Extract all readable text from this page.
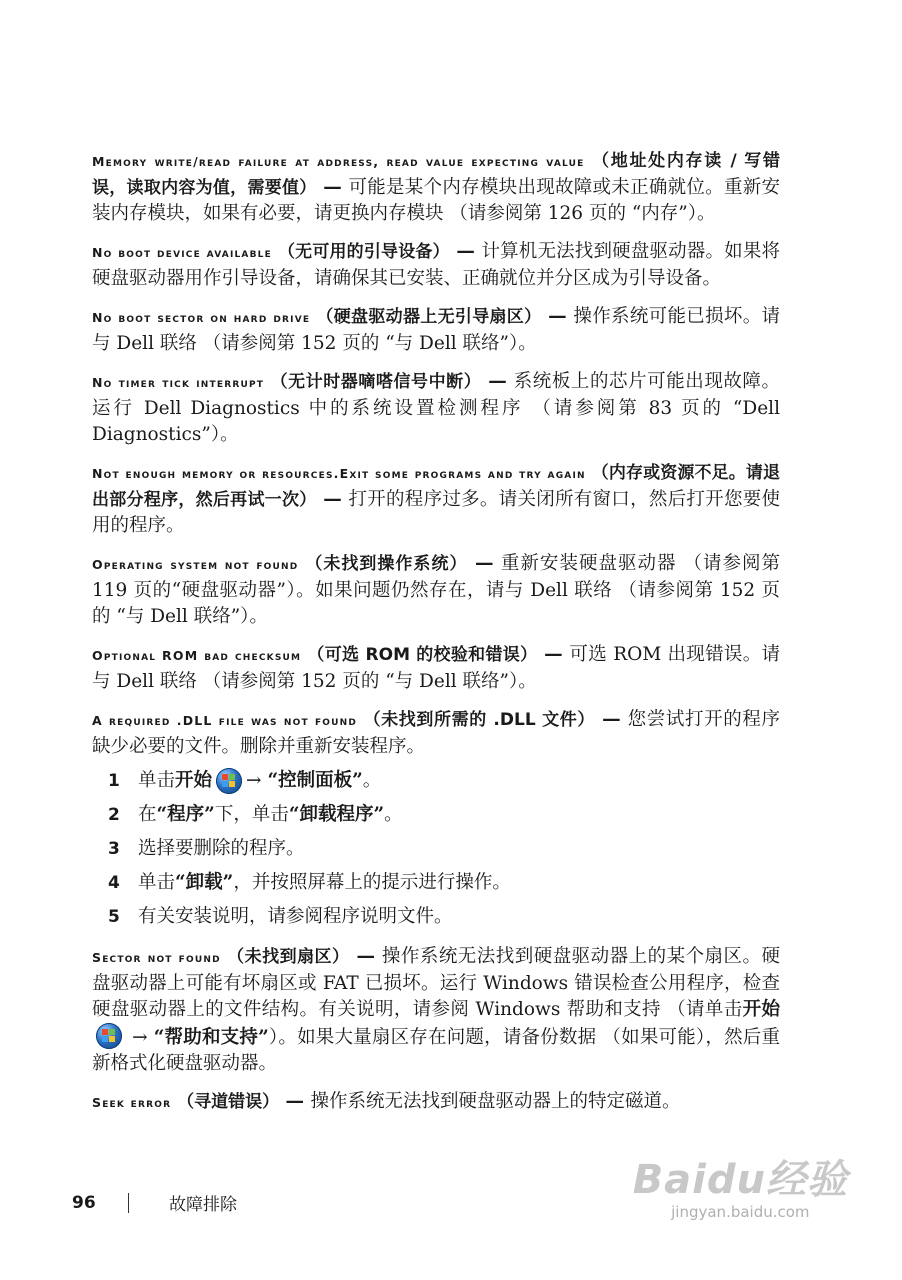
Memory write/read failure at address, read value expecting value （地址处内存读 / 写错误，读取内容为值，需要值） — 可能是某个内存模块出现故障或未正确就位。重新安装内存模块，如果有必要，请更换内存模块 （请参阅第 126 页的 “内存”）。

No boot device available （无可用的引导设备） — 计算机无法找到硬盘驱动器。如果将硬盘驱动器用作引导设备，请确保其已安装、正确就位并分区成为引导设备。

No boot sector on hard drive （硬盘驱动器上无引导扇区） — 操作系统可能已损坏。请与 Dell 联络 （请参阅第 152 页的 “与 Dell 联络”）。

No timer tick interrupt （无计时器嘀嗒信号中断） — 系统板上的芯片可能出现故障。运行 Dell Diagnostics 中的系统设置检测程序 （请参阅第 83 页的 “Dell Diagnostics”）。

Not enough memory or resources.Exit some programs and try again （内存或资源不足。请退出部分程序，然后再试一次） — 打开的程序过多。请关闭所有窗口，然后打开您要使用的程序。

Operating system not found （未找到操作系统） — 重新安装硬盘驱动器 （请参阅第 119 页的“硬盘驱动器”）。如果问题仍然存在，请与 Dell 联络 （请参阅第 152 页的 “与 Dell 联络”）。

Optional ROM bad checksum （可选 ROM 的校验和错误） — 可选 ROM 出现错误。请与 Dell 联络 （请参阅第 152 页的 “与 Dell 联络”）。

A required .DLL file was not found （未找到所需的 .DLL 文件） — 您尝试打开的程序缺少必要的文件。删除并重新安装程序。

1 单击 开始 →
“控制面板” 。
2 在 “程序” 下，单击 “卸载程序” 。
3 选择要删除的程序。
4 单击 “卸载” ，并按照屏幕上的提示进行操作。
5 有关安装说明，请参阅程序说明文件。

Sector not found （未找到扇区） — 操作系统无法找到硬盘驱动器上的某个扇区。硬盘驱动器上可能有坏扇区或 FAT 已损坏。运行 Windows 错误检查公用程序，检查硬盘驱动器上的文件结构。有关说明，请参阅 Windows 帮助和支持 （请单击开始
→ “帮助和支持”）。如果大量扇区存在问题，请备份数据 （如果可能），然后重新格式化硬盘驱动器。

Seek error （寻道错误） — 操作系统无法找到硬盘驱动器上的特定磁道。

96	故障排除
Baidu经验
jingyan.baidu.com
